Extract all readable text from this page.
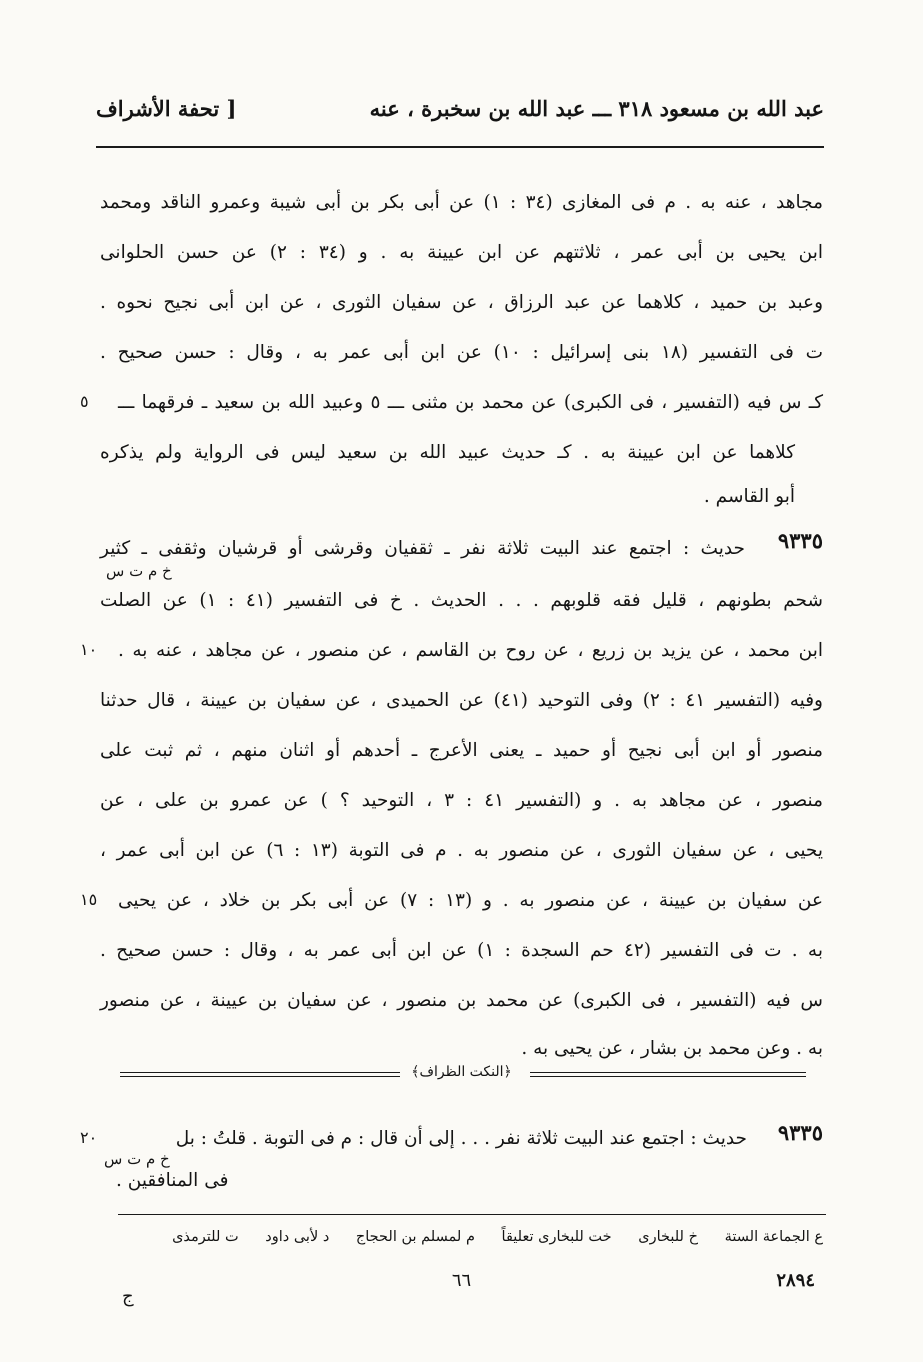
عبد الله بن مسعود ٣١٨ ـــ عبد الله بن سخبرة ، عنه
[ تحفة الأشراف
مجاهد ، عنه به . م فى المغازى (٣٤ : ١) عن أبى بكر بن أبى شيبة وعمرو الناقد ومحمد
ابن يحيى بن أبى عمر ، ثلاثتهم عن ابن عيينة به . و (٣٤ : ٢) عن حسن الحلوانى
وعبد بن حميد ، كلاهما عن عبد الرزاق ، عن سفيان الثورى ، عن ابن أبى نجيح نحوه .
ت فى التفسير (١٨ بنى إسرائيل : ١٠) عن ابن أبى عمر به ، وقال : حسن صحيح .
كـ س فيه (التفسير ، فى الكبرى) عن محمد بن مثنى ـــ ٥ وعبيد الله بن سعيد ـ فرقهما ـــ
٥
كلاهما عن ابن عيينة به . كـ حديث عبيد الله بن سعيد ليس فى الرواية ولم يذكره
أبو القاسم .
٩٣٣٥
حديث : اجتمع عند البيت ثلاثة نفر ـ ثقفيان وقرشى أو قرشيان وثقفى ـ كثير
خ م ت س
شحم بطونهم ، قليل فقه قلوبهم . . . الحديث . خ فى التفسير (٤١ : ١) عن الصلت
ابن محمد ، عن يزيد بن زريع ، عن روح بن القاسم ، عن منصور ، عن مجاهد ، عنه به .
١٠
وفيه (التفسير ٤١ : ٢) وفى التوحيد (٤١) عن الحميدى ، عن سفيان بن عيينة ، قال حدثنا
منصور أو ابن أبى نجيح أو حميد ـ يعنى الأعرج ـ أحدهم أو اثنان منهم ، ثم ثبت على
منصور ، عن مجاهد به . و (التفسير ٤١ : ٣ ، التوحيد ؟ ) عن عمرو بن على ، عن
يحيى ، عن سفيان الثورى ، عن منصور به . م فى التوبة (١٣ : ٦) عن ابن أبى عمر ،
عن سفيان بن عيينة ، عن منصور به . و (١٣ : ٧) عن أبى بكر بن خلاد ، عن يحيى
١٥
به . ت فى التفسير (٤٢ حم السجدة : ١) عن ابن أبى عمر به ، وقال : حسن صحيح .
س فيه (التفسير ، فى الكبرى) عن محمد بن منصور ، عن سفيان بن عيينة ، عن منصور
به . وعن محمد بن بشار ، عن يحيى به .
﴿النكت الظراف﴾
٩٣٣٥
حديث : اجتمع عند البيت ثلاثة نفر . . . إلى أن قال : م فى التوبة . قلتُ : بل
٢٠
خ م ت س
فى المنافقين .
ع الجماعة الستة خ للبخارى خت للبخارى تعليقاً م لمسلم بن الحجاج د لأبى داود ت للترمذى
٦٦	٢٨٩٤
ج
